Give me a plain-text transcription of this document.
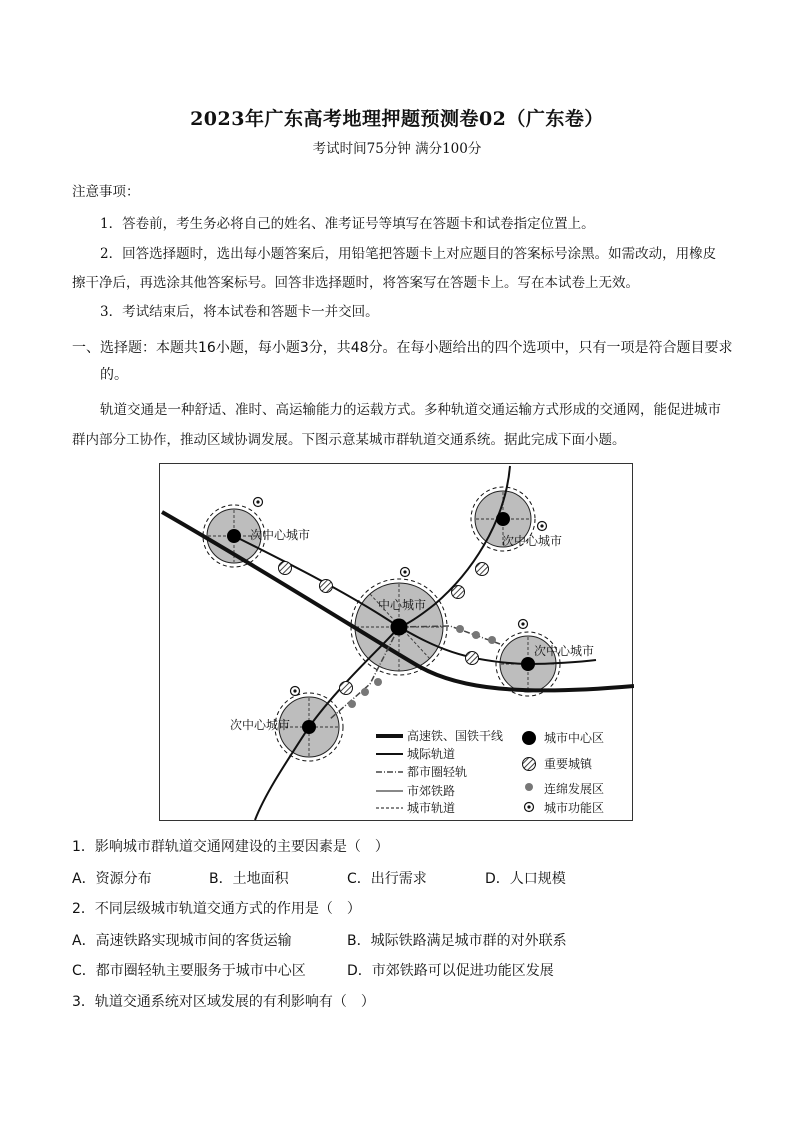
2023年广东高考地理押题预测卷02（广东卷）
考试时间75分钟 满分100分
注意事项：
1．答卷前，考生务必将自己的姓名、准考证号等填写在答题卡和试卷指定位置上。
2．回答选择题时，选出每小题答案后，用铅笔把答题卡上对应题目的答案标号涂黑。如需改动，用橡皮擦干净后，再选涂其他答案标号。回答非选择题时，将答案写在答题卡上。写在本试卷上无效。
3．考试结束后，将本试卷和答题卡一并交回。
一、选择题：本题共16小题，每小题3分，共48分。在每小题给出的四个选项中，只有一项是符合题目要求的。
轨道交通是一种舒适、准时、高运输能力的运载方式。多种轨道交通运输方式形成的交通网，能促进城市群内部分工协作，推动区域协调发展。下图示意某城市群轨道交通系统。据此完成下面小题。
次中心城市	次中心城市
中心城市
次中心城市
次中心城市
高速铁、国铁干线
城际轨道
都市圈轻轨
市郊铁路
城市轨道
城市中心区
重要城镇
连绵发展区
城市功能区
1．影响城市群轨道交通网建设的主要因素是（　）
A．资源分布	B．土地面积	C．出行需求	D．人口规模
2．不同层级城市轨道交通方式的作用是（　）
A．高速铁路实现城市间的客货运输	B．城际铁路满足城市群的对外联系
C．都市圈轻轨主要服务于城市中心区	D．市郊铁路可以促进功能区发展
3．轨道交通系统对区域发展的有利影响有（　）
